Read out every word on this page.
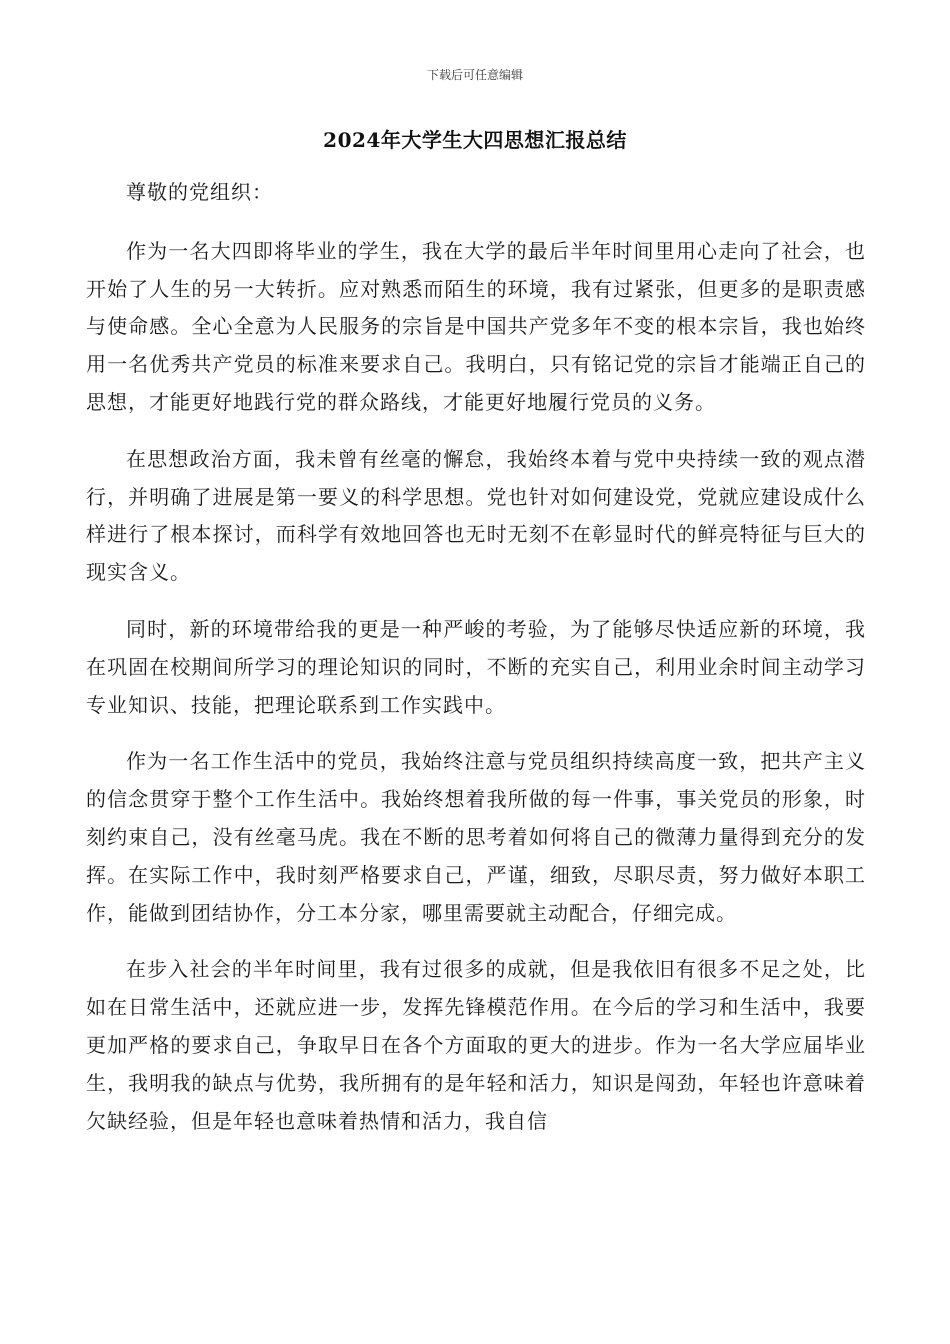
下载后可任意编辑
2024年大学生大四思想汇报总结

尊敬的党组织：

作为一名大四即将毕业的学生，我在大学的最后半年时间里用心走向了社会，也开始了人生的另一大转折。应对熟悉而陌生的环境，我有过紧张，但更多的是职责感与使命感。全心全意为人民服务的宗旨是中国共产党多年不变的根本宗旨，我也始终用一名优秀共产党员的标准来要求自己。我明白，只有铭记党的宗旨才能端正自己的思想，才能更好地践行党的群众路线，才能更好地履行党员的义务。

在思想政治方面，我未曾有丝毫的懈怠，我始终本着与党中央持续一致的观点潜行，并明确了进展是第一要义的科学思想。党也针对如何建设党，党就应建设成什么样进行了根本探讨，而科学有效地回答也无时无刻不在彰显时代的鲜亮特征与巨大的现实含义。

同时，新的环境带给我的更是一种严峻的考验，为了能够尽快适应新的环境，我在巩固在校期间所学习的理论知识的同时，不断的充实自己，利用业余时间主动学习专业知识、技能，把理论联系到工作实践中。

作为一名工作生活中的党员，我始终注意与党员组织持续高度一致，把共产主义的信念贯穿于整个工作生活中。我始终想着我所做的每一件事，事关党员的形象，时刻约束自己，没有丝毫马虎。我在不断的思考着如何将自己的微薄力量得到充分的发挥。在实际工作中，我时刻严格要求自己，严谨，细致，尽职尽责，努力做好本职工作，能做到团结协作，分工本分家，哪里需要就主动配合，仔细完成。

在步入社会的半年时间里，我有过很多的成就，但是我依旧有很多不足之处，比如在日常生活中，还就应进一步，发挥先锋模范作用。在今后的学习和生活中，我要更加严格的要求自己，争取早日在各个方面取的更大的进步。作为一名大学应届毕业生，我明我的缺点与优势，我所拥有的是年轻和活力，知识是闯劲，年轻也许意味着欠缺经验，但是年轻也意味着热情和活力，我自信
